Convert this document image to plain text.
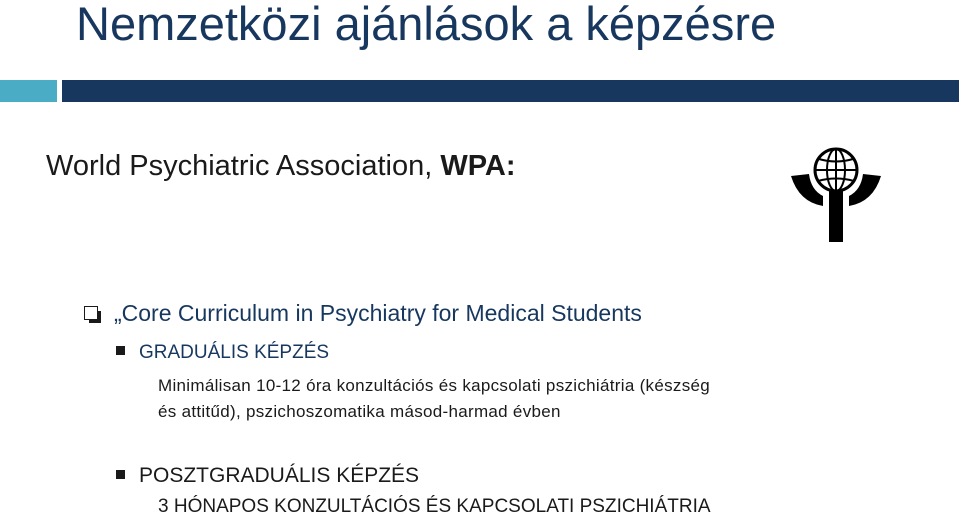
Nemzetközi ajánlások a képzésre
World Psychiatric Association, WPA:
„Core Curriculum in Psychiatry for Medical Students
GRADUÁLIS KÉPZÉS
Minimálisan 10-12 óra konzultációs és kapcsolati pszichiátria (készség
és attitűd), pszichoszomatika másod-harmad évben
POSZTGRADUÁLIS KÉPZÉS
3 HÓNAPOS KONZULTÁCIÓS ÉS KAPCSOLATI PSZICHIÁTRIA
